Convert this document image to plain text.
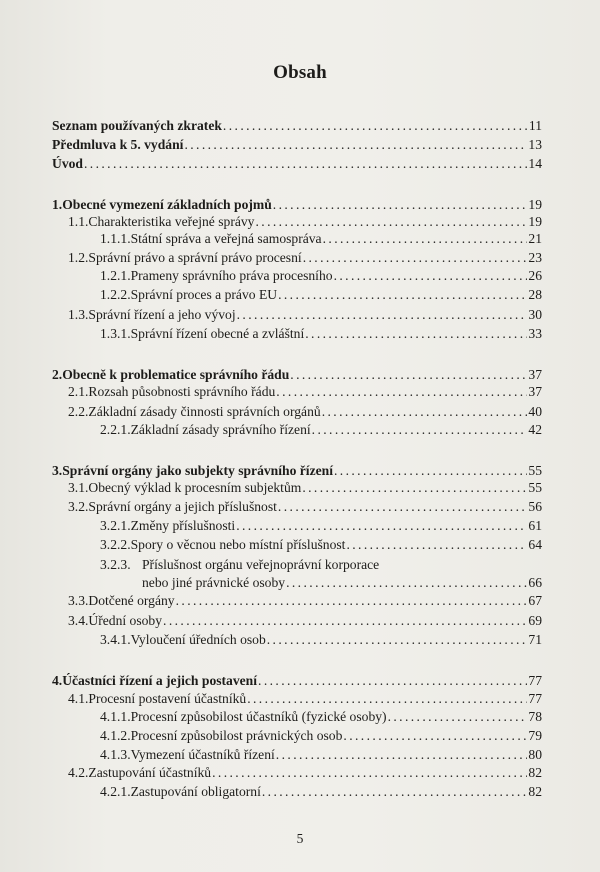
Obsah
Seznam používaných zkratek . . .	11
Předmluva k 5. vydání . . .	13
Úvod . . .	14
1. Obecné vymezení základních pojmů . . .	19
1.1. Charakteristika veřejné správy . . .	19
1.1.1. Státní správa a veřejná samospráva . . .	21
1.2. Správní právo a správní právo procesní . . .	23
1.2.1. Prameny správního práva procesního . . .	26
1.2.2. Správní proces a právo EU . . .	28
1.3. Správní řízení a jeho vývoj . . .	30
1.3.1. Správní řízení obecné a zvláštní . . .	33
2. Obecně k problematice správního řádu . . .	37
2.1. Rozsah působnosti správního řádu . . .	37
2.2. Základní zásady činnosti správních orgánů . . .	40
2.2.1. Základní zásady správního řízení . . .	42
3. Správní orgány jako subjekty správního řízení . . .	55
3.1. Obecný výklad k procesním subjektům . . .	55
3.2. Správní orgány a jejich příslušnost . . .	56
3.2.1. Změny příslušnosti . . .	61
3.2.2. Spory o věcnou nebo místní příslušnost . . .	64
3.2.3. Příslušnost orgánu veřejnoprávní korporace
nebo jiné právnické osoby . . .	66
3.3. Dotčené orgány . . .	67
3.4. Úřední osoby . . .	69
3.4.1. Vyloučení úředních osob . . .	71
4. Účastníci řízení a jejich postavení . . .	77
4.1. Procesní postavení účastníků . . .	77
4.1.1. Procesní způsobilost účastníků (fyzické osoby) . . .	78
4.1.2. Procesní způsobilost právnických osob . . .	79
4.1.3. Vymezení účastníků řízení . . .	80
4.2. Zastupování účastníků . . .	82
4.2.1. Zastupování obligatorní . . .	82
5
